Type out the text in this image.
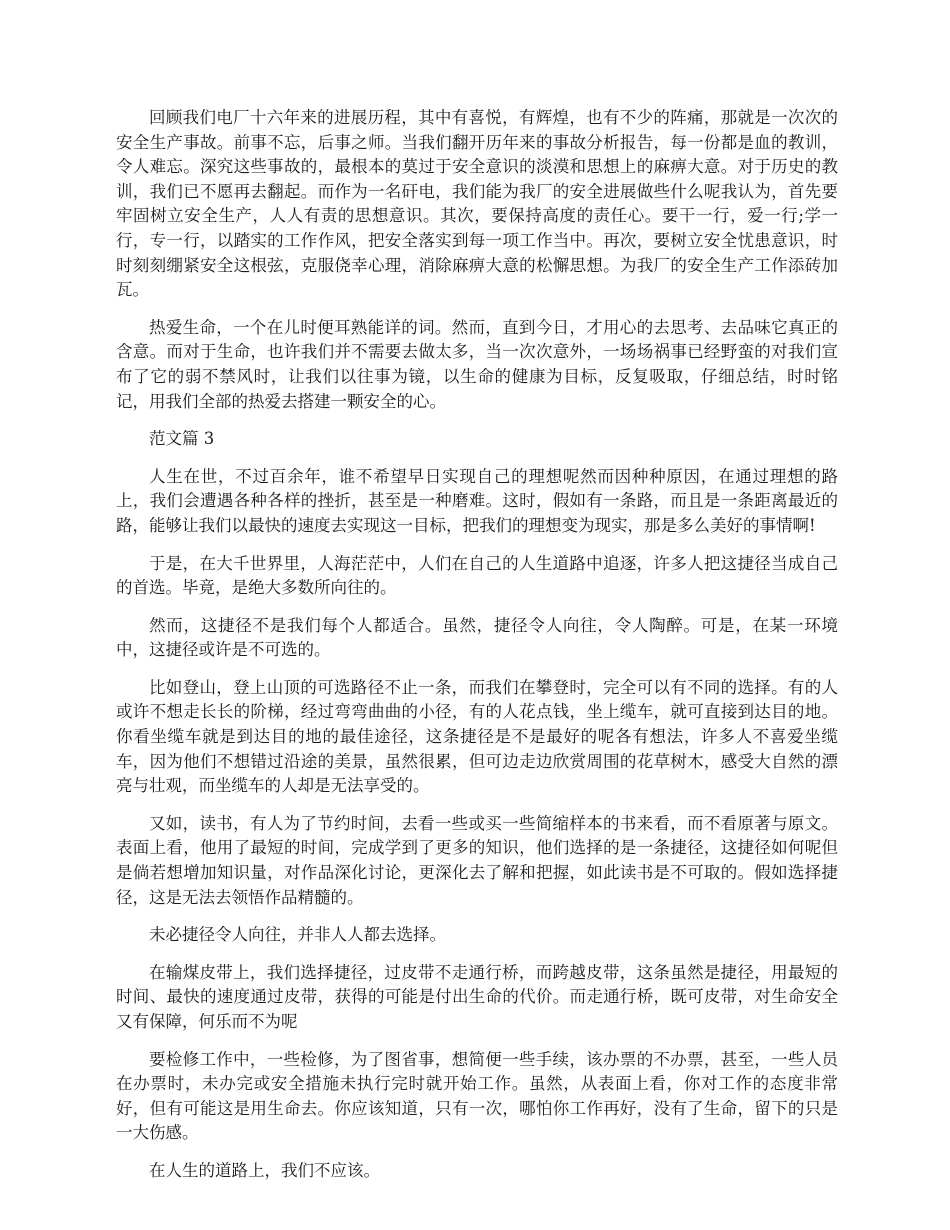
回顾我们电厂十六年来的进展历程，其中有喜悦，有辉煌，也有不少的阵痛，那就是一次次的安全生产事故。前事不忘，后事之师。当我们翻开历年来的事故分析报告，每一份都是血的教训，令人难忘。深究这些事故的，最根本的莫过于安全意识的淡漠和思想上的麻痹大意。对于历史的教训，我们已不愿再去翻起。而作为一名矸电，我们能为我厂的安全进展做些什么呢我认为，首先要牢固树立安全生产，人人有责的思想意识。其次，要保持高度的责任心。要干一行，爱一行;学一行，专一行，以踏实的工作作风，把安全落实到每一项工作当中。再次，要树立安全忧患意识，时时刻刻绷紧安全这根弦，克服侥幸心理，消除麻痹大意的松懈思想。为我厂的安全生产工作添砖加瓦。

热爱生命，一个在儿时便耳熟能详的词。然而，直到今日，才用心的去思考、去品味它真正的含意。而对于生命，也许我们并不需要去做太多，当一次次意外，一场场祸事已经野蛮的对我们宣布了它的弱不禁风时，让我们以往事为镜，以生命的健康为目标，反复吸取，仔细总结，时时铭记，用我们全部的热爱去搭建一颗安全的心。

范文篇 3

人生在世，不过百余年，谁不希望早日实现自己的理想呢然而因种种原因，在通过理想的路上，我们会遭遇各种各样的挫折，甚至是一种磨难。这时，假如有一条路，而且是一条距离最近的路，能够让我们以最快的速度去实现这一目标，把我们的理想变为现实，那是多么美好的事情啊!

于是，在大千世界里，人海茫茫中，人们在自己的人生道路中追逐，许多人把这捷径当成自己的首选。毕竟，是绝大多数所向往的。

然而，这捷径不是我们每个人都适合。虽然，捷径令人向往，令人陶醉。可是，在某一环境中，这捷径或许是不可选的。

比如登山，登上山顶的可选路径不止一条，而我们在攀登时，完全可以有不同的选择。有的人或许不想走长长的阶梯，经过弯弯曲曲的小径，有的人花点钱，坐上缆车，就可直接到达目的地。你看坐缆车就是到达目的地的最佳途径，这条捷径是不是最好的呢各有想法，许多人不喜爱坐缆车，因为他们不想错过沿途的美景，虽然很累，但可边走边欣赏周围的花草树木，感受大自然的漂亮与壮观，而坐缆车的人却是无法享受的。

又如，读书，有人为了节约时间，去看一些或买一些简缩样本的书来看，而不看原著与原文。表面上看，他用了最短的时间，完成学到了更多的知识，他们选择的是一条捷径，这捷径如何呢但是倘若想增加知识量，对作品深化讨论，更深化去了解和把握，如此读书是不可取的。假如选择捷径，这是无法去领悟作品精髓的。

未必捷径令人向往，并非人人都去选择。

在输煤皮带上，我们选择捷径，过皮带不走通行桥，而跨越皮带，这条虽然是捷径，用最短的时间、最快的速度通过皮带，获得的可能是付出生命的代价。而走通行桥，既可皮带，对生命安全又有保障，何乐而不为呢

要检修工作中，一些检修，为了图省事，想简便一些手续，该办票的不办票，甚至，一些人员在办票时，未办完或安全措施未执行完时就开始工作。虽然，从表面上看，你对工作的态度非常好，但有可能这是用生命去。你应该知道，只有一次，哪怕你工作再好，没有了生命，留下的只是一大伤感。

在人生的道路上，我们不应该。
